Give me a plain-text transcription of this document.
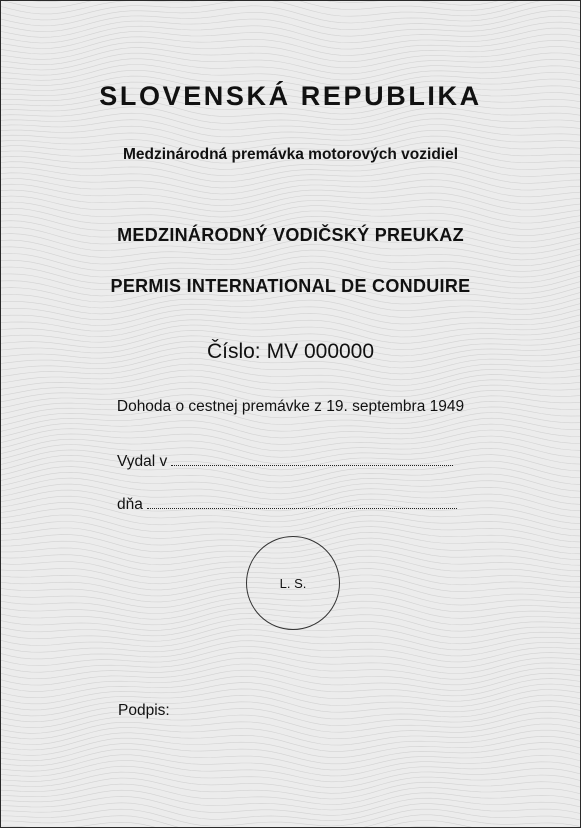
SLOVENSKÁ REPUBLIKA
Medzinárodná premávka motorových vozidiel
MEDZINÁRODNÝ VODIČSKÝ PREUKAZ
PERMIS INTERNATIONAL DE CONDUIRE
Číslo: MV 000000
Dohoda o cestnej premávke z 19. septembra 1949
Vydal v
dňa
L. S.
Podpis:
